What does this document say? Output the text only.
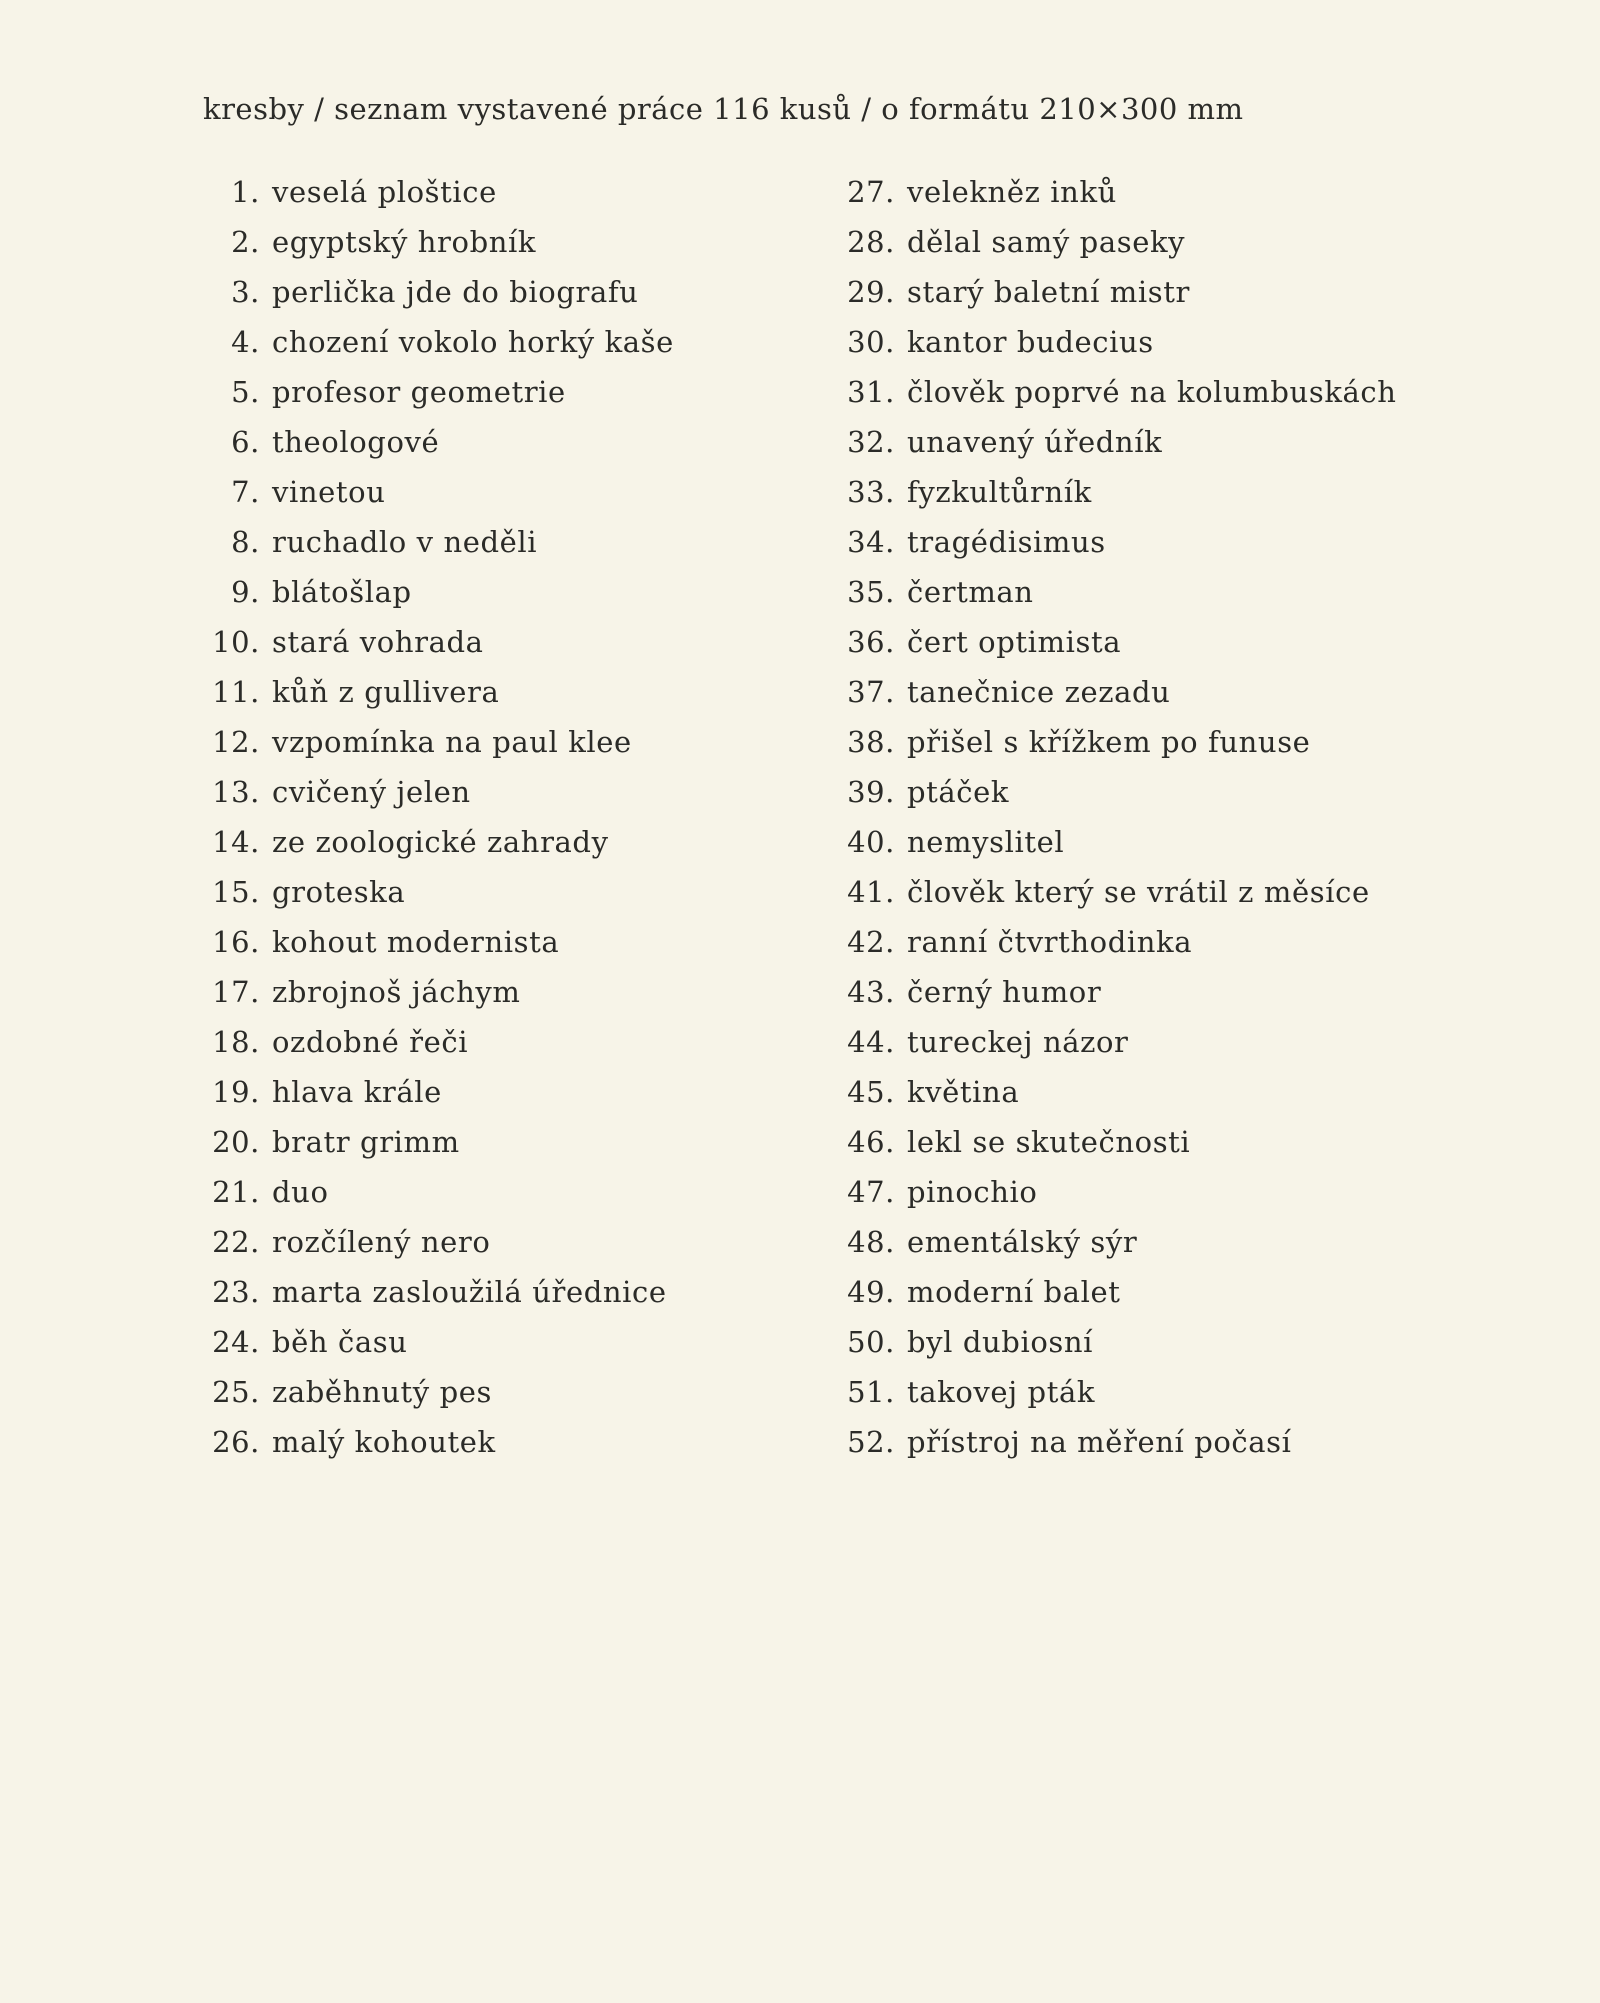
kresby / seznam vystavené práce 116 kusů / o formátu 210×300 mm
1. veselá ploštice
2. egyptský hrobník
3. perlička jde do biografu
4. chození vokolo horký kaše
5. profesor geometrie
6. theologové
7. vinetou
8. ruchadlo v neděli
9. blátošlap
10. stará vohrada
11. kůň z gullivera
12. vzpomínka na paul klee
13. cvičený jelen
14. ze zoologické zahrady
15. groteska
16. kohout modernista
17. zbrojnoš jáchym
18. ozdobné řeči
19. hlava krále
20. bratr grimm
21. duo
22. rozčílený nero
23. marta zasloužilá úřednice
24. běh času
25. zaběhnutý pes
26. malý kohoutek
27. velekněz inků
28. dělal samý paseky
29. starý baletní mistr
30. kantor budecius
31. člověk poprvé na kolumbuskách
32. unavený úředník
33. fyzkultůrník
34. tragédisimus
35. čertman
36. čert optimista
37. tanečnice zezadu
38. přišel s křížkem po funuse
39. ptáček
40. nemyslitel
41. člověk který se vrátil z měsíce
42. ranní čtvrthodinka
43. černý humor
44. tureckej názor
45. květina
46. lekl se skutečnosti
47. pinochio
48. ementálský sýr
49. moderní balet
50. byl dubiosní
51. takovej pták
52. přístroj na měření počasí
